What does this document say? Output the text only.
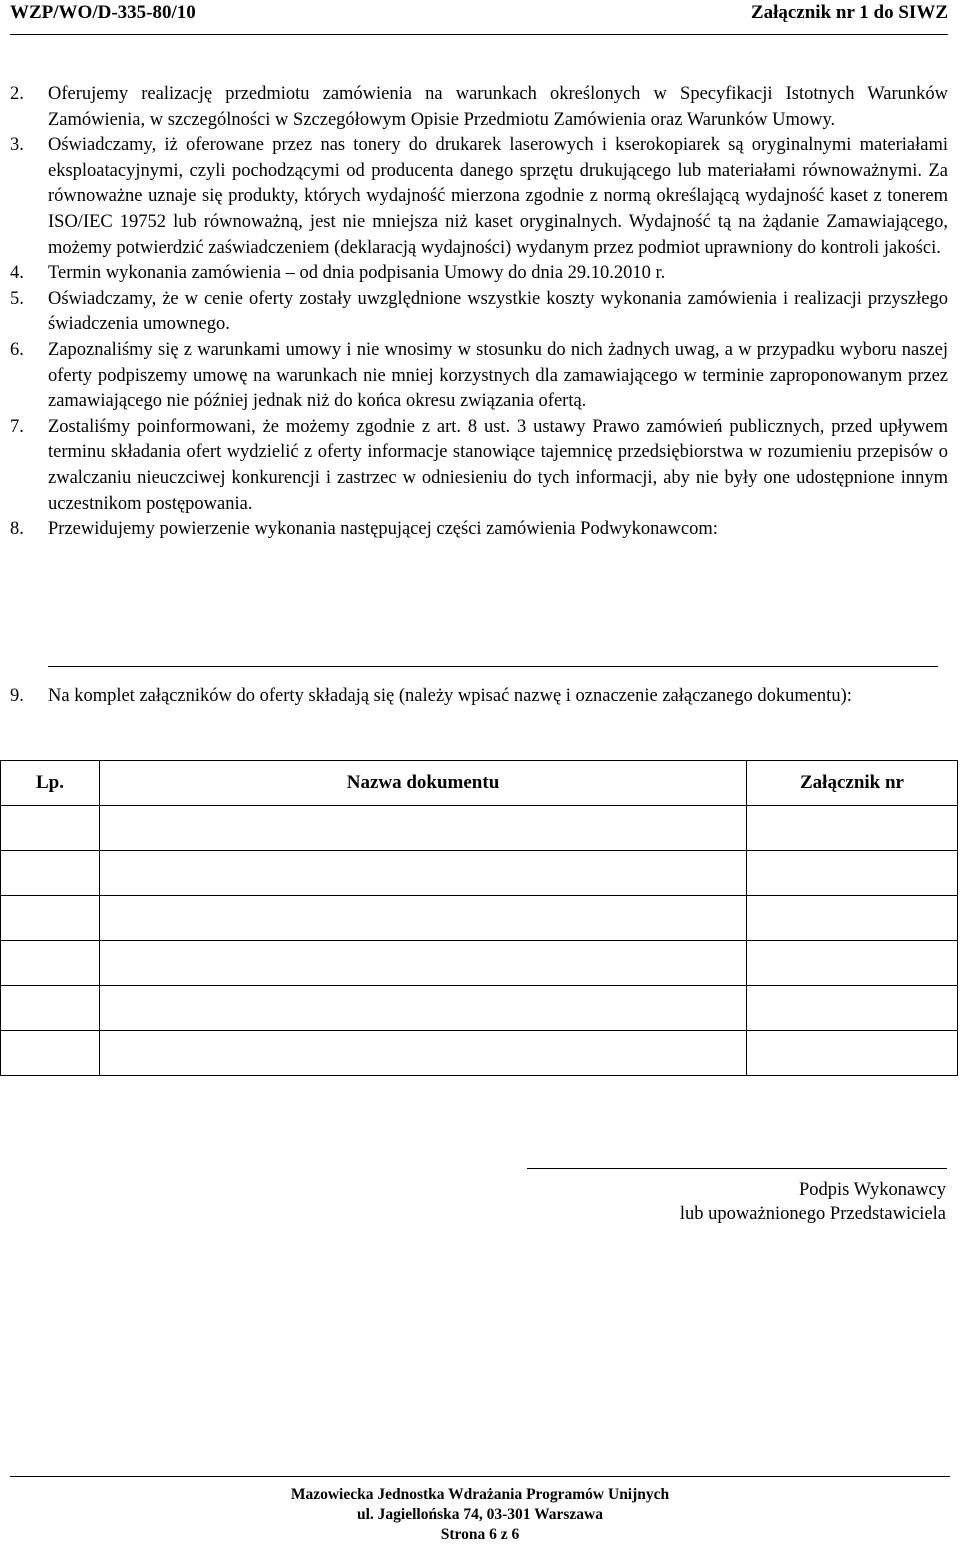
WZP/WO/D-335-80/10	Załącznik nr 1 do SIWZ
2.	Oferujemy realizację przedmiotu zamówienia na warunkach określonych w Specyfikacji Istotnych Warunków Zamówienia, w szczególności w Szczegółowym Opisie Przedmiotu Zamówienia oraz Warunków Umowy.
3.	Oświadczamy, iż oferowane przez nas tonery do drukarek laserowych i kserokopiarek są oryginalnymi materiałami eksploatacyjnymi, czyli pochodzącymi od producenta danego sprzętu drukującego lub materiałami równoważnymi. Za równoważne uznaje się produkty, których wydajność mierzona zgodnie z normą określającą wydajność kaset z tonerem ISO/IEC 19752 lub równoważną, jest nie mniejsza niż kaset oryginalnych. Wydajność tą na żądanie Zamawiającego, możemy potwierdzić zaświadczeniem (deklaracją wydajności) wydanym przez podmiot uprawniony do kontroli jakości.
4.	Termin wykonania zamówienia – od dnia podpisania Umowy do dnia 29.10.2010 r.
5.	Oświadczamy, że w cenie oferty zostały uwzględnione wszystkie koszty wykonania zamówienia i realizacji przyszłego świadczenia umownego.
6.	Zapoznaliśmy się z warunkami umowy i nie wnosimy w stosunku do nich żadnych uwag, a w przypadku wyboru naszej oferty podpiszemy umowę na warunkach nie mniej korzystnych dla zamawiającego w terminie zaproponowanym przez zamawiającego nie później jednak niż do końca okresu związania ofertą.
7.	Zostaliśmy poinformowani, że możemy zgodnie z art. 8 ust. 3 ustawy Prawo zamówień publicznych, przed upływem terminu składania ofert wydzielić z oferty informacje stanowiące tajemnicę przedsiębiorstwa w rozumieniu przepisów o zwalczaniu nieuczciwej konkurencji i zastrzec w odniesieniu do tych informacji, aby nie były one udostępnione innym uczestnikom postępowania.
8.	Przewidujemy powierzenie wykonania następującej części zamówienia Podwykonawcom:
9.	Na komplet załączników do oferty składają się (należy wpisać nazwę i oznaczenie załączanego dokumentu):
Lp.	Nazwa dokumentu	Załącznik nr

Podpis Wykonawcy
lub upoważnionego Przedstawiciela
Mazowiecka Jednostka Wdrażania Programów Unijnych
ul. Jagiellońska 74, 03-301 Warszawa
Strona 6 z 6
